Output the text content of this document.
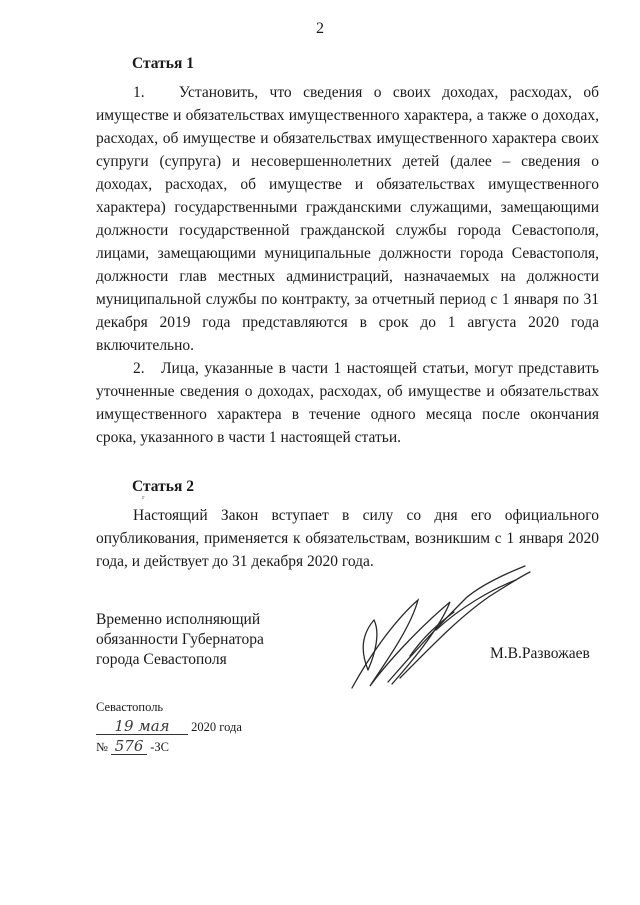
2
Статья 1

1.   Установить, что сведения о своих доходах, расходах, об имуществе и обязательствах имущественного характера, а также о доходах, расходах, об имуществе и обязательствах имущественного характера своих супруги (супруга) и несовершеннолетних детей (далее – сведения о доходах, расходах, об имуществе и обязательствах имущественного характера) государственными гражданскими служащими, замещающими должности государственной гражданской службы города Севастополя, лицами, замещающими муниципальные должности города Севастополя, должности глав местных администраций, назначаемых на должности муниципальной службы по контракту, за отчетный период с 1 января по 31 декабря 2019 года представляются в срок до 1 августа 2020 года включительно.

2.   Лица, указанные в части 1 настоящей статьи, могут представить уточненные сведения о доходах, расходах, об имуществе и обязательствах имущественного характера в течение одного месяца после окончания срока, указанного в части 1 настоящей статьи.

Статья 2
ʳ

Настоящий Закон вступает в силу со дня его официального опубликования, применяется к обязательствам, возникшим с 1 января 2020 года, и действует до 31 декабря 2020 года.

Временно исполняющий
обязанности Губернатора
города Севастополя	М.В.Развожаев
Севастополь
19 мая 2020 года
№ 576 -ЗС
